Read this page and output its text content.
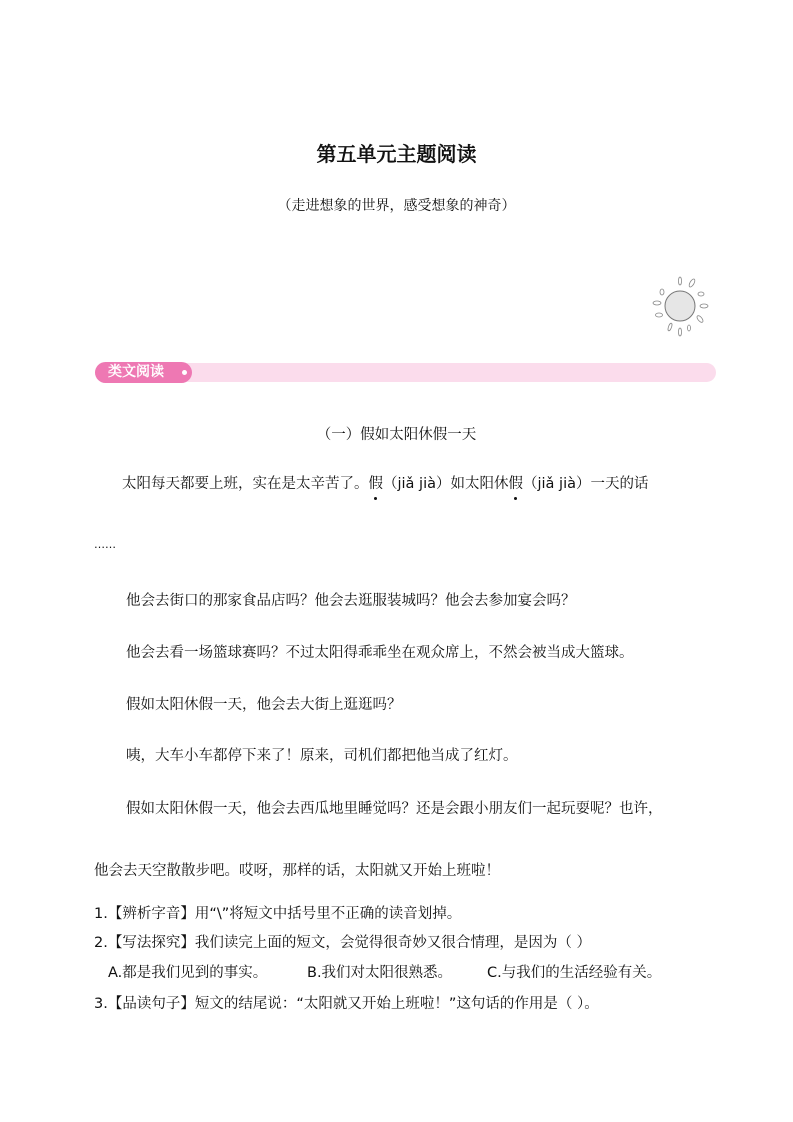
第五单元主题阅读
（走进想象的世界，感受想象的神奇）
类文阅读
（一）假如太阳休假一天
太阳每天都要上班，实在是太辛苦了。假（jiǎ jià）如太阳休假（jiǎ jià）一天的话
……
他会去街口的那家食品店吗？他会去逛服装城吗？他会去参加宴会吗？
他会去看一场篮球赛吗？不过太阳得乖乖坐在观众席上，不然会被当成大篮球。
假如太阳休假一天，他会去大街上逛逛吗？
咦，大车小车都停下来了！原来，司机们都把他当成了红灯。
假如太阳休假一天，他会去西瓜地里睡觉吗？还是会跟小朋友们一起玩耍呢？也许，
他会去天空散散步吧。哎呀，那样的话，太阳就又开始上班啦！
1.【辨析字音】用“\”将短文中括号里不正确的读音划掉。
2.【写法探究】我们读完上面的短文，会觉得很奇妙又很合情理，是因为（ ）
A.都是我们见到的事实。	B.我们对太阳很熟悉。 C.与我们的生活经验有关。
3.【品读句子】短文的结尾说：“太阳就又开始上班啦！”这句话的作用是（ ）。
